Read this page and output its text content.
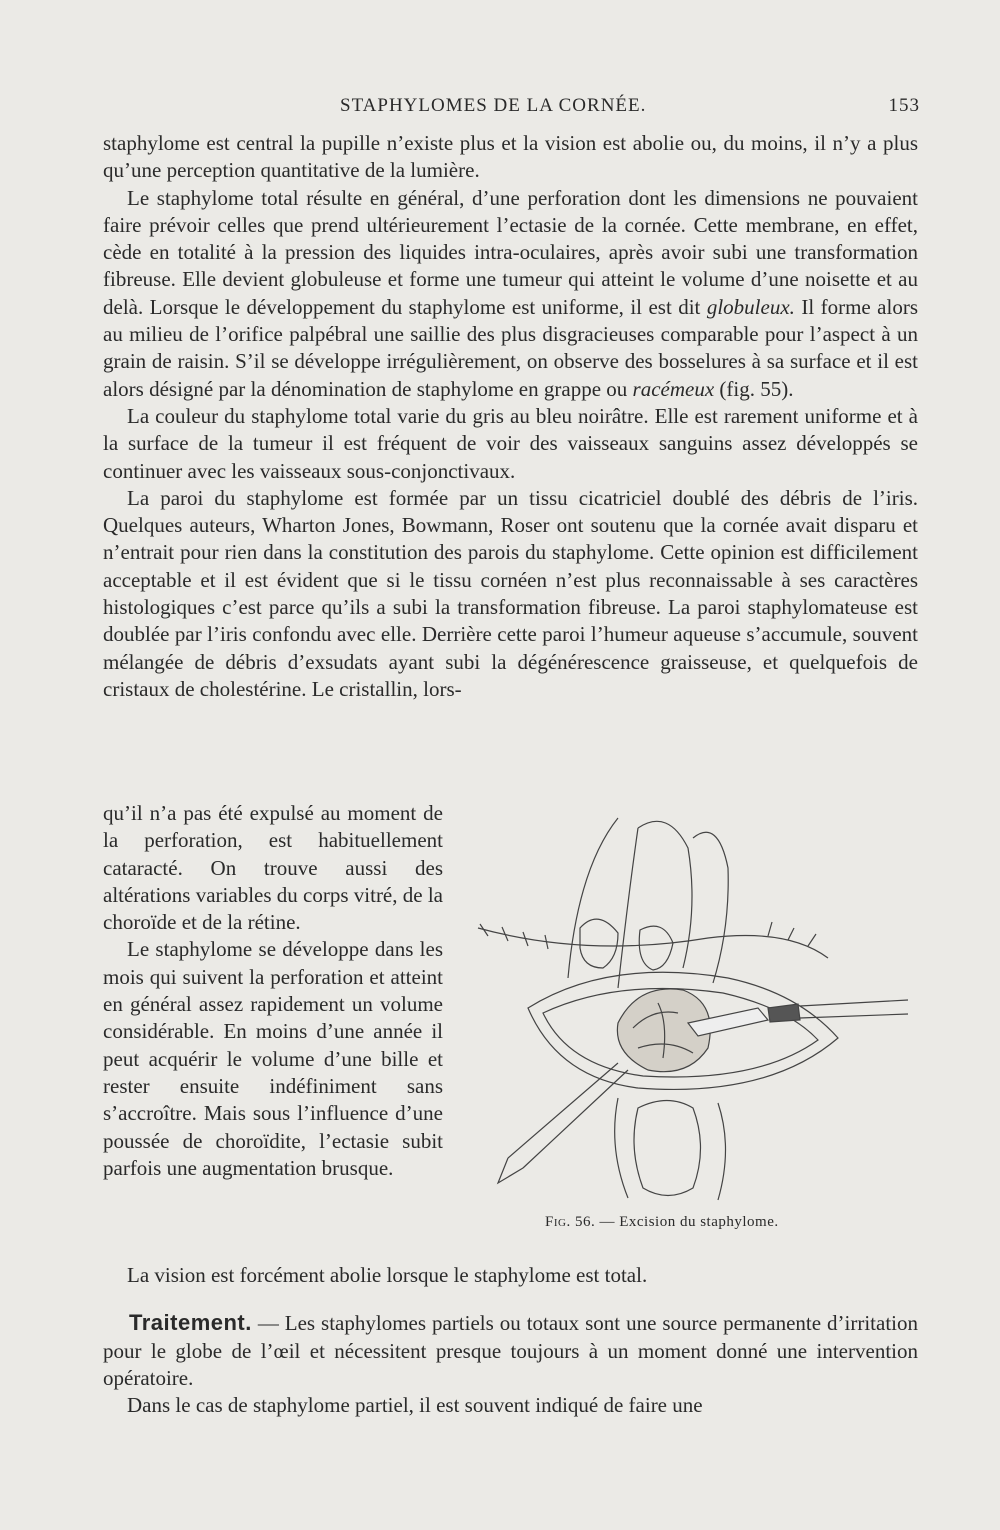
STAPHYLOMES DE LA CORNÉE.	153

staphylome est central la pupille n’existe plus et la vision est abolie ou, du moins, il n’y a plus qu’une perception quantitative de la lumière.

Le staphylome total résulte en général, d’une perforation dont les dimensions ne pouvaient faire prévoir celles que prend ultérieurement l’ectasie de la cornée. Cette membrane, en effet, cède en totalité à la pression des liquides intra-oculaires, après avoir subi une transformation fibreuse. Elle devient globuleuse et forme une tumeur qui atteint le volume d’une noisette et au delà. Lorsque le développement du staphylome est uniforme, il est dit globuleux. Il forme alors au milieu de l’orifice palpébral une saillie des plus disgracieuses comparable pour l’aspect à un grain de raisin. S’il se développe irrégulièrement, on observe des bosselures à sa surface et il est alors désigné par la dénomination de staphylome en grappe ou racémeux (fig. 55).

La couleur du staphylome total varie du gris au bleu noirâtre. Elle est rarement uniforme et à la surface de la tumeur il est fréquent de voir des vaisseaux sanguins assez développés se continuer avec les vaisseaux sous-conjonctivaux.

La paroi du staphylome est formée par un tissu cicatriciel doublé des débris de l’iris. Quelques auteurs, Wharton Jones, Bowmann, Roser ont soutenu que la cornée avait disparu et n’entrait pour rien dans la constitution des parois du staphylome. Cette opinion est difficilement acceptable et il est évident que si le tissu cornéen n’est plus reconnaissable à ses caractères histologiques c’est parce qu’ils a subi la transformation fibreuse. La paroi staphylomateuse est doublée par l’iris confondu avec elle. Derrière cette paroi l’humeur aqueuse s’accumule, souvent mélangée de débris d’exsudats ayant subi la dégénérescence graisseuse, et quelquefois de cristaux de cholestérine. Le cristallin, lors-

qu’il n’a pas été expulsé au moment de la perforation, est habituellement cataracté. On trouve aussi des altérations variables du corps vitré, de la choroïde et de la rétine.

Le staphylome se développe dans les mois qui suivent la perforation et atteint en général assez rapidement un volume considérable. En moins d’une année il peut acquérir le volume d’une bille et rester ensuite indéfiniment sans s’accroître. Mais sous l’influence d’une poussée de choroïdite, l’ectasie subit parfois une augmentation brusque.

Fig. 56. — Excision du staphylome.

La vision est forcément abolie lorsque le staphylome est total.

Traitement. — Les staphylomes partiels ou totaux sont une source permanente d’irritation pour le globe de l’œil et nécessitent presque toujours à un moment donné une intervention opératoire.

Dans le cas de staphylome partiel, il est souvent indiqué de faire une
